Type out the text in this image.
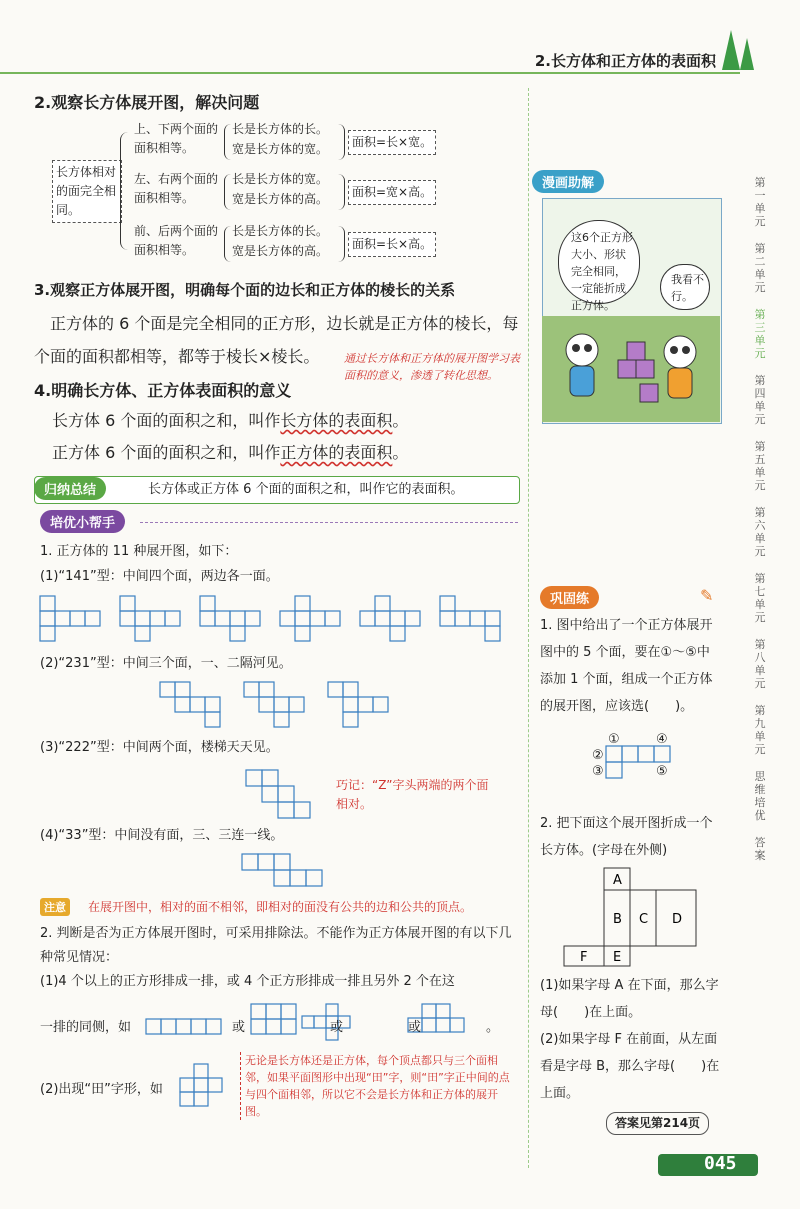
2.长方体和正方体的表面积
2.观察长方体展开图，解决问题
长方体相对的面完全相同。
上、下两个面的面积相等。
长是长方体的长。
宽是长方体的宽。	面积=长×宽。
左、右两个面的面积相等。
长是长方体的宽。
宽是长方体的高。	面积=宽×高。
前、后两个面的面积相等。
长是长方体的长。
宽是长方体的高。	面积=长×高。
3.观察正方体展开图，明确每个面的边长和正方体的棱长的关系
正方体的 6 个面是完全相同的正方形，边长就是正方体的棱长，每个面的面积都相等，都等于棱长×棱长。
4.明确长方体、正方体表面积的意义
通过长方体和正方体的展开图学习表面积的意义，渗透了转化思想。
长方体 6 个面的面积之和，叫作长方体的表面积。
正方体 6 个面的面积之和，叫作正方体的表面积。
归纳总结	长方体或正方体 6 个面的面积之和，叫作它的表面积。
培优小帮手
1. 正方体的 11 种展开图，如下：
(1)“141”型：中间四个面，两边各一面。
(2)“231”型：中间三个面，一、二隔河见。
(3)“222”型：中间两个面，楼梯天天见。
巧记：“Z”字头两端的两个面相对。
(4)“33”型：中间没有面，三、三连一线。
注意	在展开图中，相对的面不相邻，即相对的面没有公共的边和公共的顶点。
2. 判断是否为正方体展开图时，可采用排除法。不能作为正方体展开图的有以下几种常见情况：
(1)4 个以上的正方形排成一排，或 4 个正方形排成一排且另外 2 个在这
一排的同侧，如	或	或	或	。
(2)出现“田”字形，如
无论是长方体还是正方体，每个顶点都只与三个面相邻，如果平面图形中出现“田”字，则“田”字正中间的点与四个面相邻，所以它不会是长方体和正方体的展开图。
漫画助解
这6个正方形大小、形状完全相同，一定能折成正方体。
我看不行。
巩固练	✎
1. 图中给出了一个正方体展开图中的 5 个面，要在①～⑤中添加 1 个面，组成一个正方体的展开图，应该选(　　)。
①
②
③
④
⑤
2. 把下面这个展开图折成一个长方体。(字母在外侧)
A
B C D
F E
(1)如果字母 A 在下面，那么字母(　　)在上面。
(2)如果字母 F 在前面，从左面看是字母 B，那么字母(　　)在上面。
答案见第214页
第一单元
第二单元
第三单元
第四单元
第五单元
第六单元
第七单元
第八单元
第九单元
思维培优
答案
045
